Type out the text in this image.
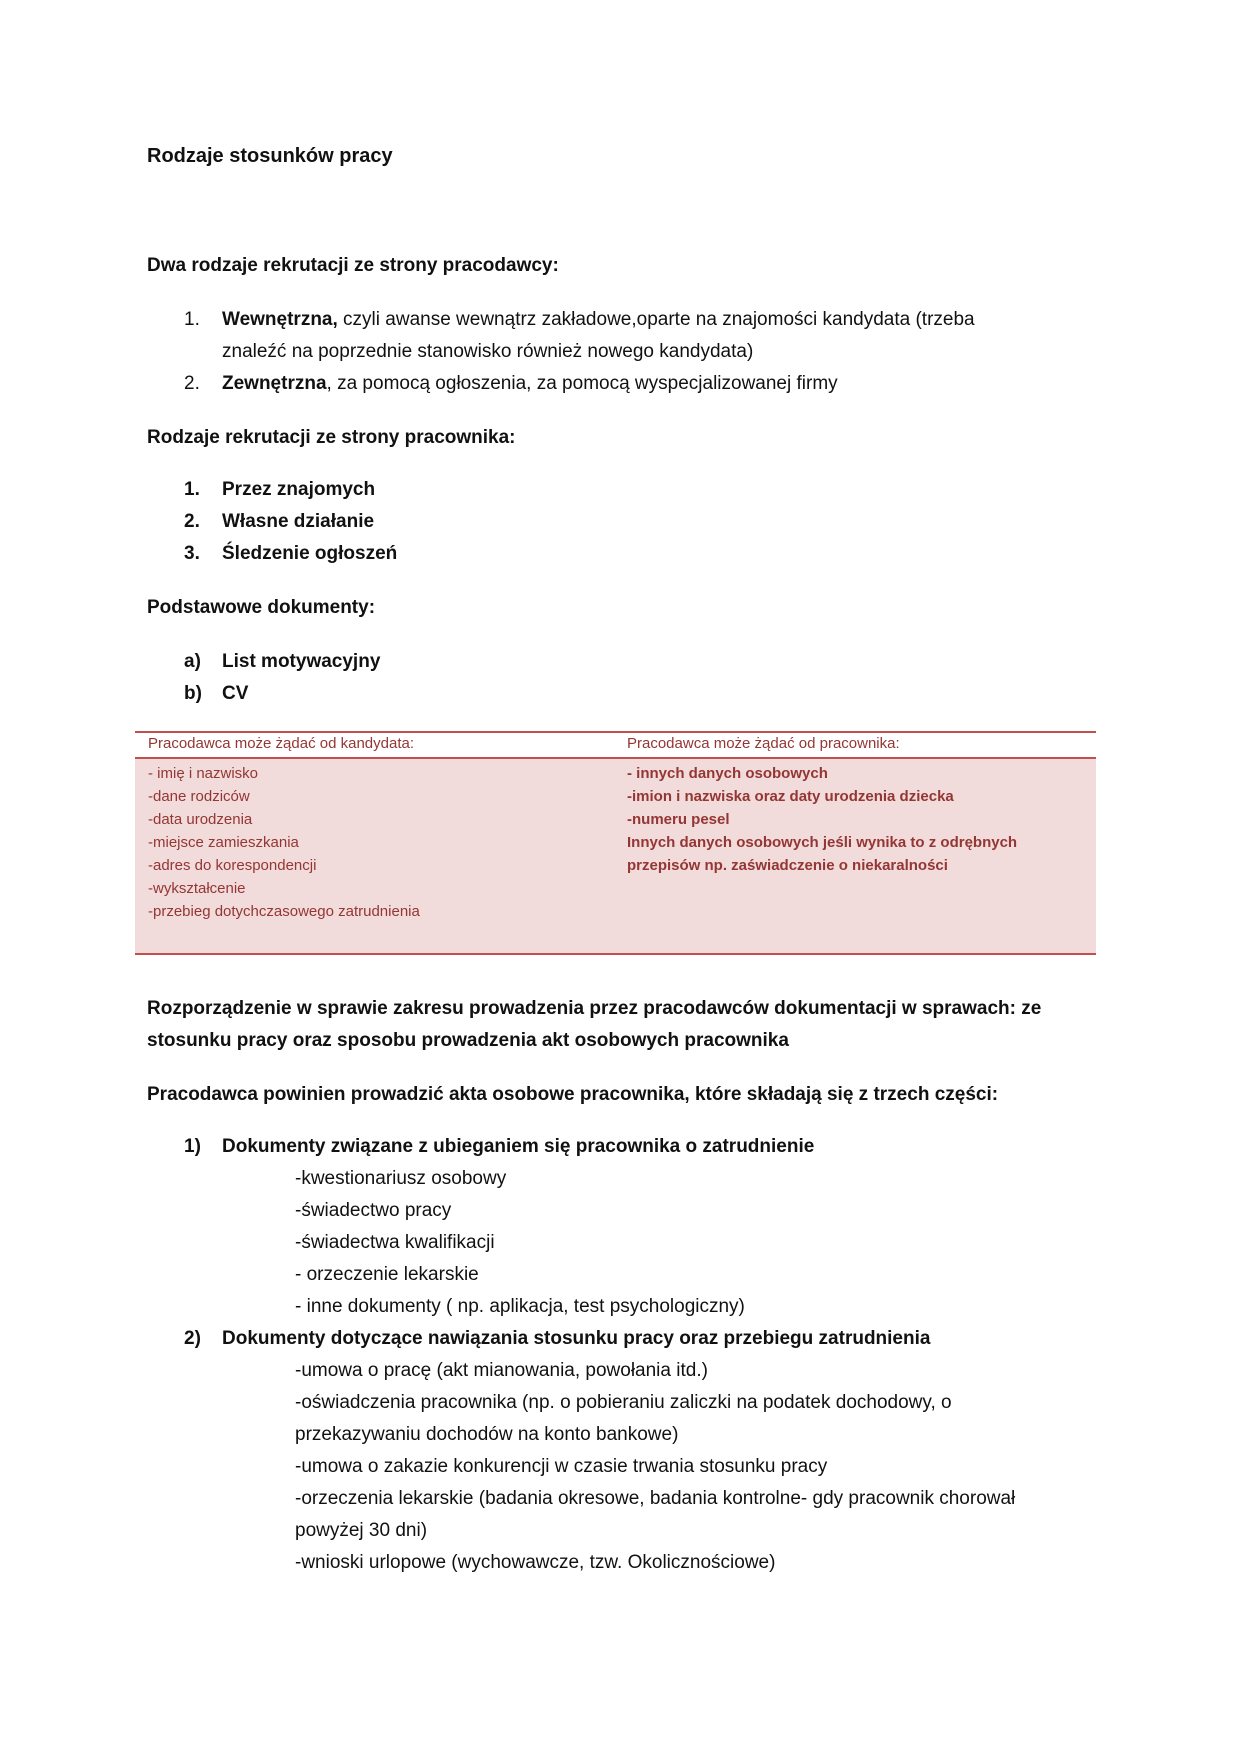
Rodzaje stosunków pracy
Dwa rodzaje rekrutacji ze strony pracodawcy:
1. Wewnętrzna, czyli awanse wewnątrz zakładowe,oparte na znajomości kandydata (trzeba
znaleźć na poprzednie stanowisko również nowego kandydata)
2. Zewnętrzna, za pomocą ogłoszenia, za pomocą wyspecjalizowanej firmy
Rodzaje rekrutacji ze strony pracownika:
1. Przez znajomych
2. Własne działanie
3. Śledzenie ogłoszeń
Podstawowe dokumenty:
a) List motywacyjny
b) CV
Pracodawca może żądać od kandydata:	Pracodawca może żądać od pracownika:
- imię i nazwisko
-dane rodziców
-data urodzenia
-miejsce zamieszkania
-adres do korespondencji
-wykształcenie
-przebieg dotychczasowego zatrudnienia
- innych danych osobowych
-imion i nazwiska oraz daty urodzenia dziecka
-numeru pesel
Innych danych osobowych jeśli wynika to z odrębnych
przepisów np. zaświadczenie o niekaralności
Rozporządzenie w sprawie zakresu prowadzenia przez pracodawców dokumentacji w sprawach: ze
stosunku pracy oraz sposobu prowadzenia akt osobowych pracownika
Pracodawca powinien prowadzić akta osobowe pracownika, które składają się z trzech części:
1) Dokumenty związane z ubieganiem się pracownika o zatrudnienie
-kwestionariusz osobowy
-świadectwo pracy
-świadectwa kwalifikacji
- orzeczenie lekarskie
- inne dokumenty ( np. aplikacja, test psychologiczny)
2) Dokumenty dotyczące nawiązania stosunku pracy oraz przebiegu zatrudnienia
-umowa o pracę (akt mianowania, powołania itd.)
-oświadczenia pracownika (np. o pobieraniu zaliczki na podatek dochodowy, o
przekazywaniu dochodów na konto bankowe)
-umowa o zakazie konkurencji w czasie trwania stosunku pracy
-orzeczenia lekarskie (badania okresowe, badania kontrolne- gdy pracownik chorował
powyżej 30 dni)
-wnioski urlopowe (wychowawcze, tzw. Okolicznościowe)
